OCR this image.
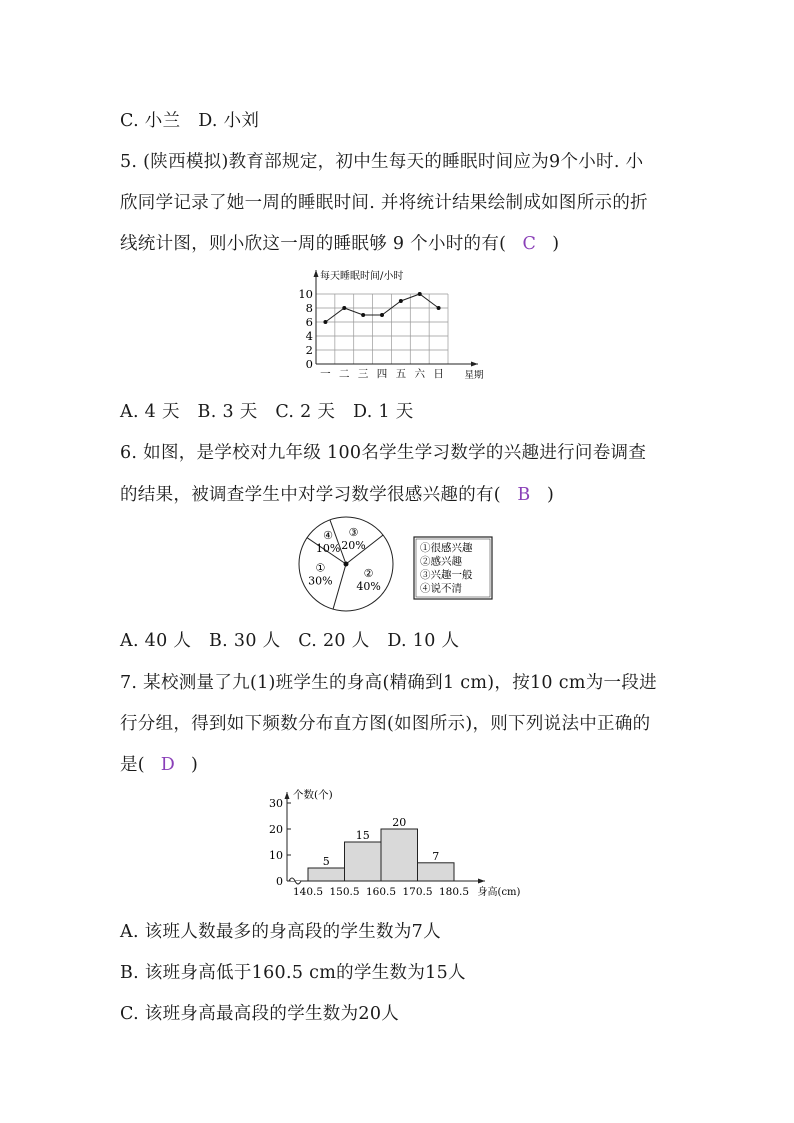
C. 小兰　D. 小刘
5. (陕西模拟)教育部规定，初中生每天的睡眠时间应为9个小时. 小
欣同学记录了她一周的睡眠时间. 并将统计结果绘制成如图所示的折
线统计图，则小欣这一周的睡眠够 9 个小时的有( C )
0
2
4
6
8
10
一 二 三 四 五 六 日 星期
每天睡眠时间/小时
A. 4 天　B. 3 天　C. 2 天　D. 1 天
6. 如图，是学校对九年级 100名学生学习数学的兴趣进行问卷调查
的结果，被调查学生中对学习数学很感兴趣的有( B )
②
40%
①
30%
④
10%
③
20%	①很感兴趣
②感兴趣
③兴趣一般
④说不清
A. 40 人　B. 30 人　C. 20 人　D. 10 人
7. 某校测量了九(1)班学生的身高(精确到1 cm)，按10 cm为一段进
行分组，得到如下频数分布直方图(如图所示)，则下列说法中正确的
是( D )
0
10
20
30
个数(个)
5
15
20
7
140.5 150.5 160.5 170.5 180.5 身高(cm)
A. 该班人数最多的身高段的学生数为7人
B. 该班身高低于160.5 cm的学生数为15人
C. 该班身高最高段的学生数为20人
